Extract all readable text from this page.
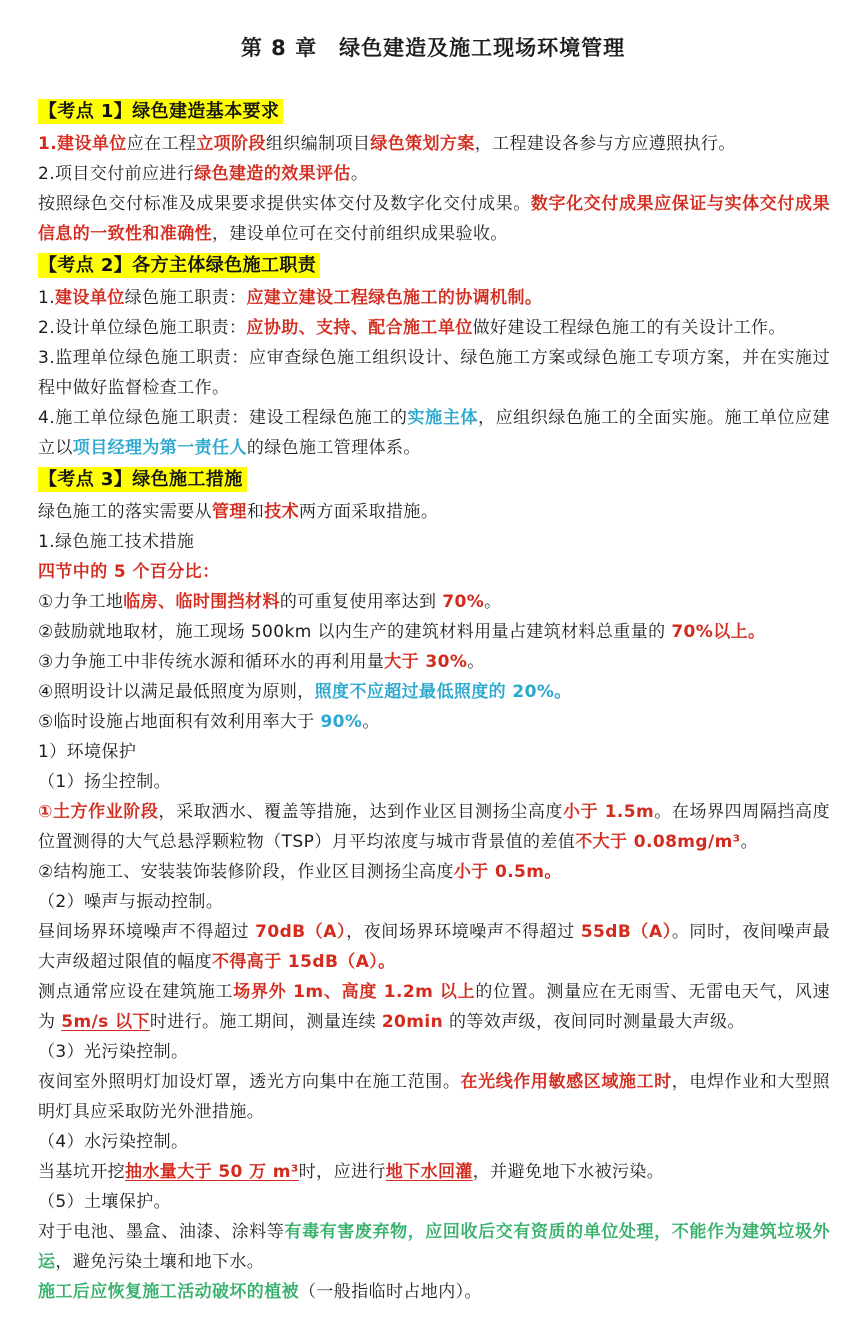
第 8 章　绿色建造及施工现场环境管理
【考点 1】绿色建造基本要求
1.建设单位应在工程立项阶段组织编制项目绿色策划方案，工程建设各参与方应遵照执行。
2.项目交付前应进行绿色建造的效果评估。
按照绿色交付标准及成果要求提供实体交付及数字化交付成果。数字化交付成果应保证与实体交付成果信息的一致性和准确性，建设单位可在交付前组织成果验收。
【考点 2】各方主体绿色施工职责
1.建设单位绿色施工职责：应建立建设工程绿色施工的协调机制。
2.设计单位绿色施工职责：应协助、支持、配合施工单位做好建设工程绿色施工的有关设计工作。
3.监理单位绿色施工职责：应审查绿色施工组织设计、绿色施工方案或绿色施工专项方案，并在实施过程中做好监督检查工作。
4.施工单位绿色施工职责：建设工程绿色施工的实施主体，应组织绿色施工的全面实施。施工单位应建立以项目经理为第一责任人的绿色施工管理体系。
【考点 3】绿色施工措施
绿色施工的落实需要从管理和技术两方面采取措施。
1.绿色施工技术措施
四节中的 5 个百分比：
①力争工地临房、临时围挡材料的可重复使用率达到 70%。
②鼓励就地取材，施工现场 500km 以内生产的建筑材料用量占建筑材料总重量的 70%以上。
③力争施工中非传统水源和循环水的再利用量大于 30%。
④照明设计以满足最低照度为原则，照度不应超过最低照度的 20%。
⑤临时设施占地面积有效利用率大于 90%。
1）环境保护
（1）扬尘控制。
①土方作业阶段，采取洒水、覆盖等措施，达到作业区目测扬尘高度小于 1.5m。在场界四周隔挡高度位置测得的大气总悬浮颗粒物（TSP）月平均浓度与城市背景值的差值不大于 0.08mg/m³。
②结构施工、安装装饰装修阶段，作业区目测扬尘高度小于 0.5m。
（2）噪声与振动控制。
昼间场界环境噪声不得超过 70dB（A），夜间场界环境噪声不得超过 55dB（A）。同时，夜间噪声最大声级超过限值的幅度不得高于 15dB（A）。
测点通常应设在建筑施工场界外 1m、高度 1.2m 以上的位置。测量应在无雨雪、无雷电天气，风速为 5m/s 以下时进行。施工期间，测量连续 20min 的等效声级，夜间同时测量最大声级。
（3）光污染控制。
夜间室外照明灯加设灯罩，透光方向集中在施工范围。在光线作用敏感区域施工时，电焊作业和大型照明灯具应采取防光外泄措施。
（4）水污染控制。
当基坑开挖抽水量大于 50 万 m³时，应进行地下水回灌，并避免地下水被污染。
（5）土壤保护。
对于电池、墨盒、油漆、涂料等有毒有害废弃物，应回收后交有资质的单位处理，不能作为建筑垃圾外运，避免污染土壤和地下水。
施工后应恢复施工活动破坏的植被（一般指临时占地内）。
